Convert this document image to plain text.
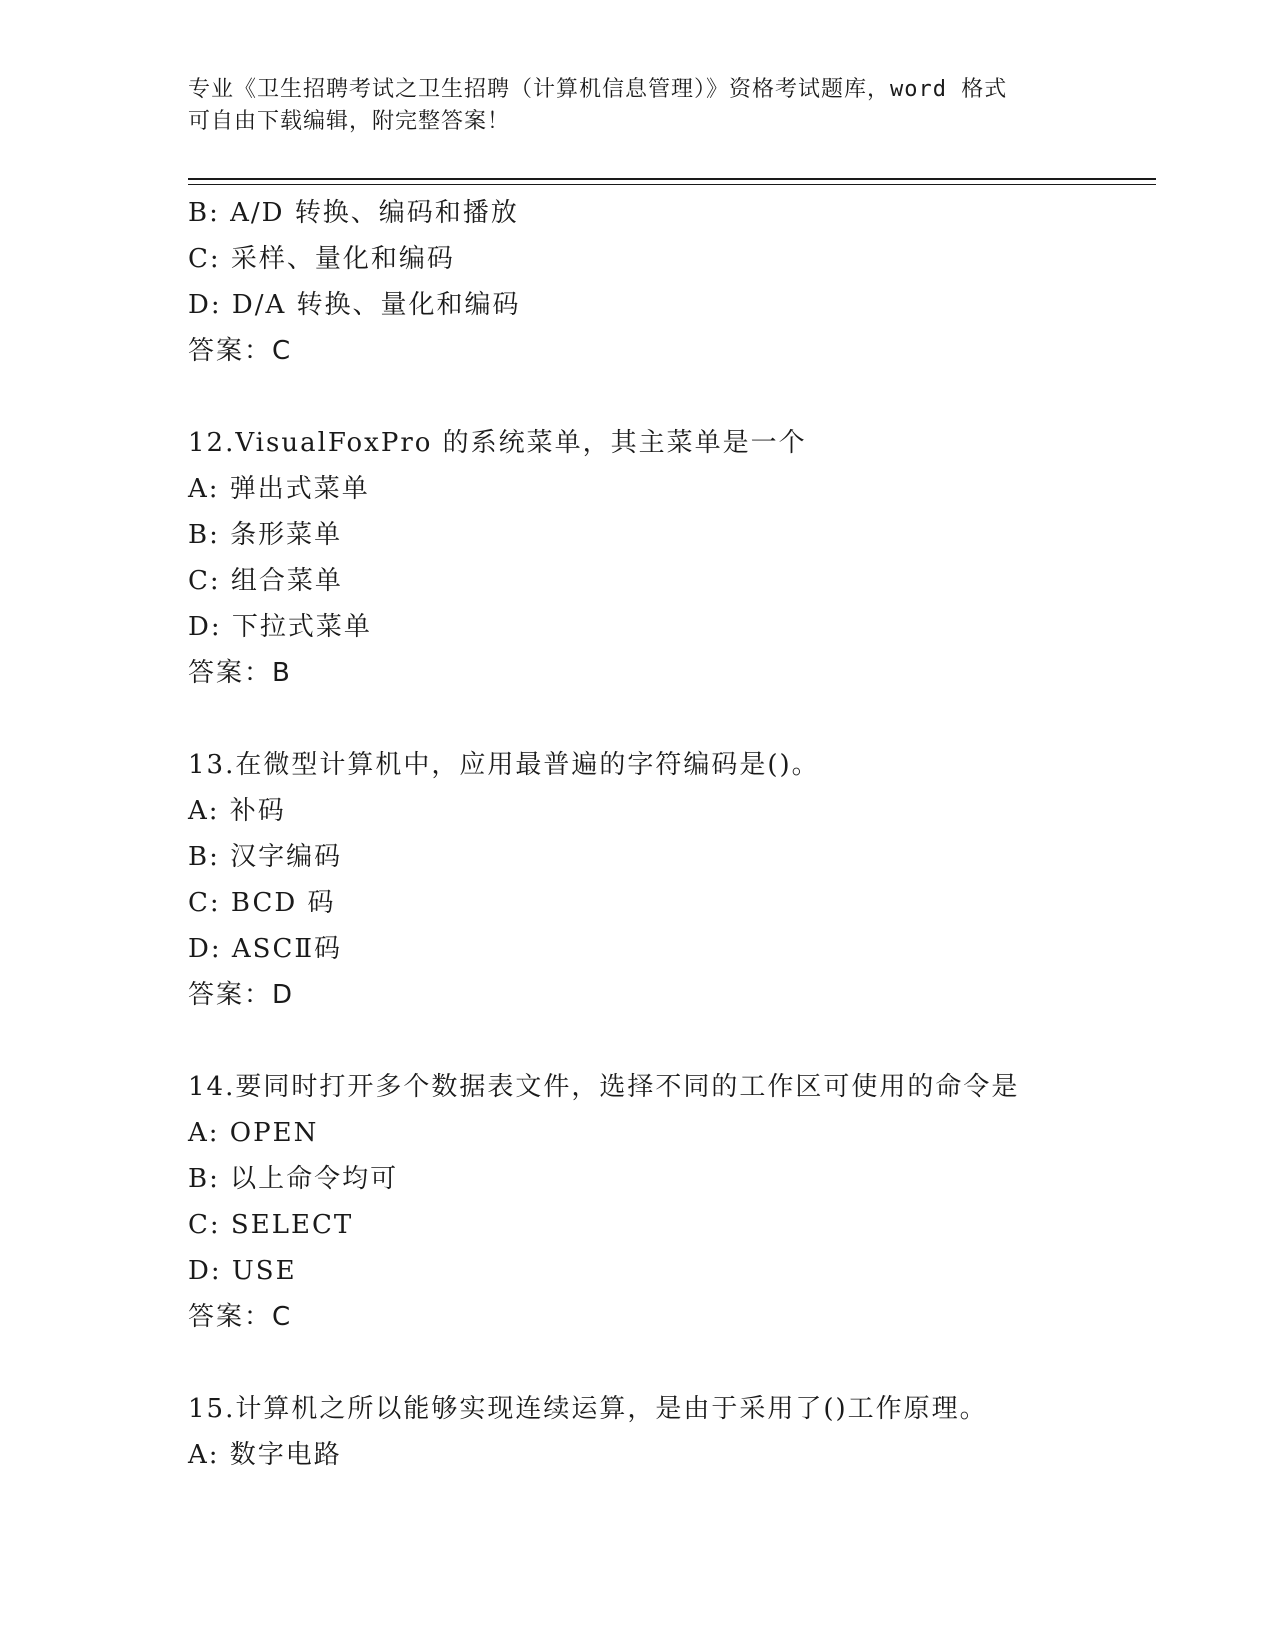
专业《卫生招聘考试之卫生招聘（计算机信息管理）》资格考试题库，word 格式
可自由下载编辑，附完整答案！
B: A/D 转换、编码和播放
C: 采样、量化和编码
D: D/A 转换、量化和编码
答案：C
12.VisualFoxPro 的系统菜单，其主菜单是一个
A: 弹出式菜单
B: 条形菜单
C: 组合菜单
D: 下拉式菜单
答案：B
13.在微型计算机中，应用最普遍的字符编码是()。
A: 补码
B: 汉字编码
C: BCD 码
D: ASCⅡ码
答案：D
14.要同时打开多个数据表文件，选择不同的工作区可使用的命令是
A: OPEN
B: 以上命令均可
C: SELECT
D: USE
答案：C
15.计算机之所以能够实现连续运算，是由于采用了()工作原理。
A: 数字电路
